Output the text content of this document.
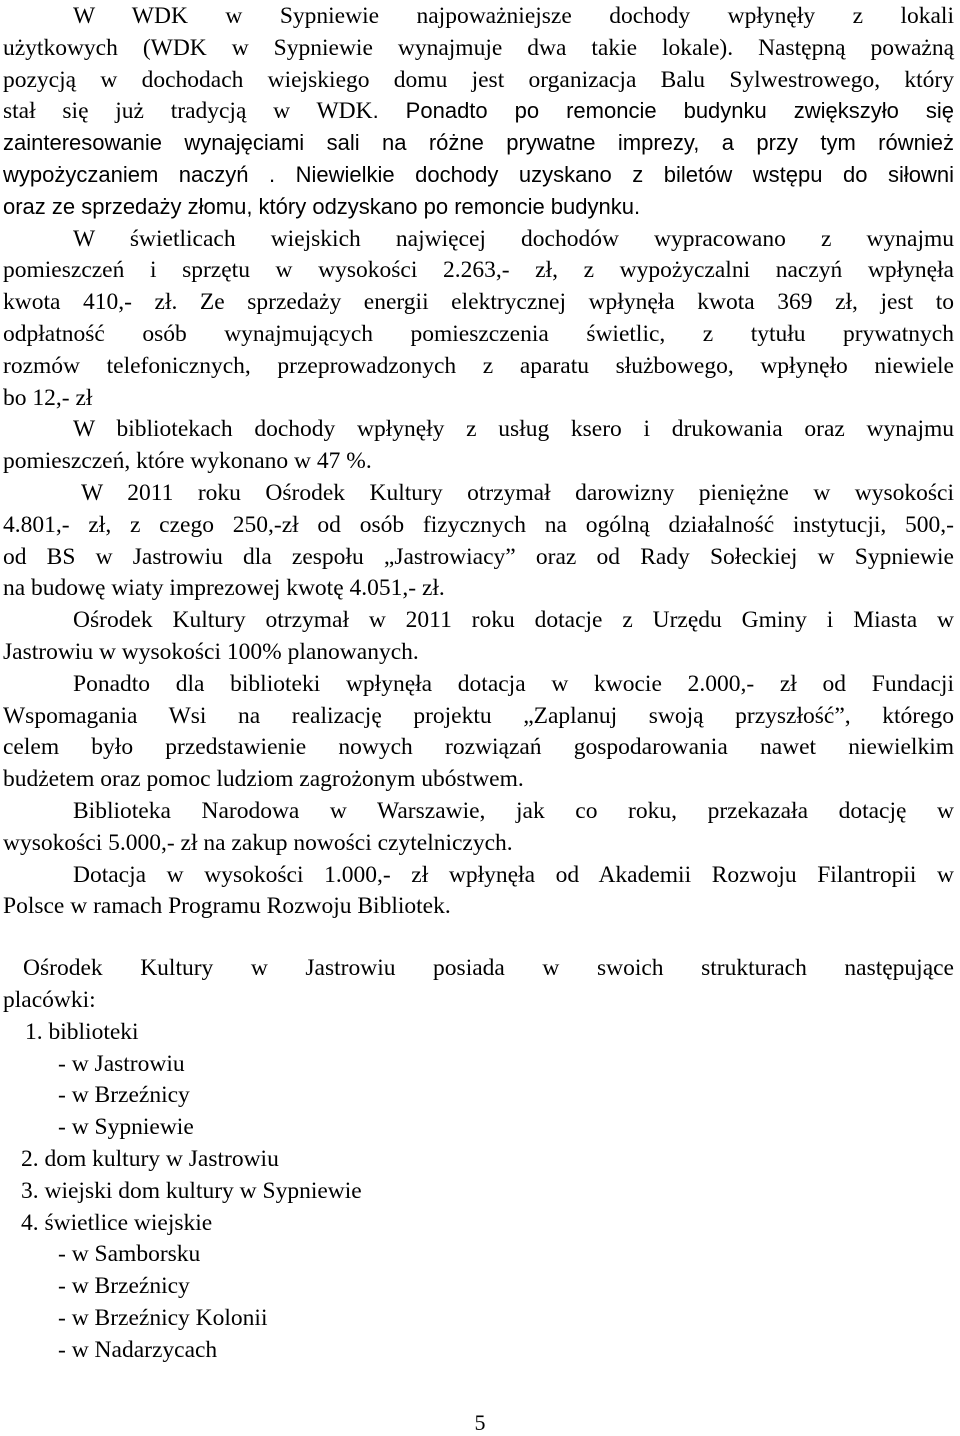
W WDK w Sypniewie najpoważniejsze dochody wpłynęły z lokali
użytkowych (WDK w Sypniewie wynajmuje dwa takie lokale). Następną poważną
pozycją w dochodach wiejskiego domu jest organizacja Balu Sylwestrowego, który
stał się już tradycją w WDK. Ponadto po remoncie budynku zwiększyło się
zainteresowanie wynajęciami sali na różne prywatne imprezy, a przy tym również
wypożyczaniem naczyń . Niewielkie dochody uzyskano z biletów wstępu do siłowni
oraz ze sprzedaży złomu, który odzyskano po remoncie budynku.
W świetlicach wiejskich najwięcej dochodów wypracowano z wynajmu
pomieszczeń i sprzętu w wysokości 2.263,- zł, z wypożyczalni naczyń wpłynęła
kwota 410,- zł. Ze sprzedaży energii elektrycznej wpłynęła kwota 369 zł, jest to
odpłatność osób wynajmujących pomieszczenia świetlic, z tytułu prywatnych
rozmów telefonicznych, przeprowadzonych z aparatu służbowego, wpłynęło niewiele
bo 12,- zł
W bibliotekach dochody wpłynęły z usług ksero i drukowania oraz wynajmu
pomieszczeń, które wykonano w 47 %.
W 2011 roku Ośrodek Kultury otrzymał darowizny pieniężne w wysokości
4.801,- zł, z czego 250,-zł od osób fizycznych na ogólną działalność instytucji, 500,-
od BS w Jastrowiu dla zespołu „Jastrowiacy” oraz od Rady Sołeckiej w Sypniewie
na budowę wiaty imprezowej kwotę 4.051,- zł.
Ośrodek Kultury otrzymał w 2011 roku dotacje z Urzędu Gminy i Miasta w
Jastrowiu w wysokości 100% planowanych.
Ponadto dla biblioteki wpłynęła dotacja w kwocie 2.000,- zł od Fundacji
Wspomagania Wsi na realizację projektu „Zaplanuj swoją przyszłość”, którego
celem było przedstawienie nowych rozwiązań gospodarowania nawet niewielkim
budżetem oraz pomoc ludziom zagrożonym ubóstwem.
Biblioteka Narodowa w Warszawie, jak co roku, przekazała dotację w
wysokości 5.000,- zł na zakup nowości czytelniczych.
Dotacja w wysokości 1.000,- zł wpłynęła od Akademii Rozwoju Filantropii w
Polsce w ramach Programu Rozwoju Bibliotek.
Ośrodek Kultury w Jastrowiu posiada w swoich strukturach następujące
placówki:
1. biblioteki
- w Jastrowiu
- w Brzeźnicy
- w Sypniewie
2. dom kultury w Jastrowiu
3. wiejski dom kultury w Sypniewie
4. świetlice wiejskie
- w Samborsku
- w Brzeźnicy
- w Brzeźnicy Kolonii
- w Nadarzycach
5
